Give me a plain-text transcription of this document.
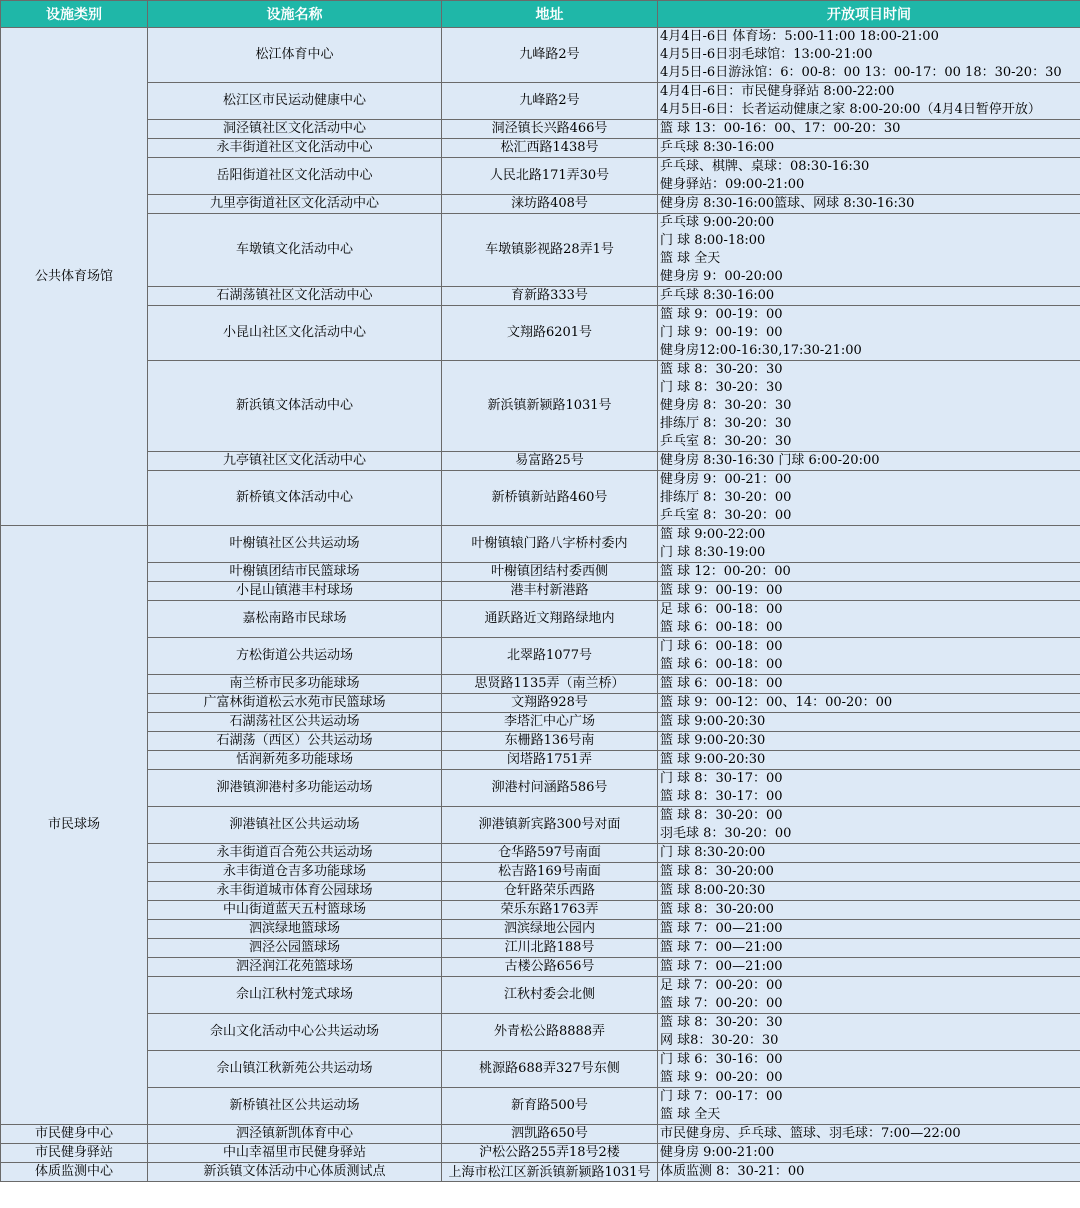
设施类别	设施名称	地址	开放项目时间
公共体育场馆	松江体育中心	九峰路2号	4月4日-6日 体育场：5:00-11:00 18:00-21:00
4月5日-6日羽毛球馆：13:00-21:00
4月5日-6日游泳馆：6：00-8：00 13：00-17：00 18：30-20：30

	松江区市民运动健康中心	九峰路2号	4月4日-6日：市民健身驿站 8:00-22:00
4月5日-6日：长者运动健康之家 8:00-20:00（4月4日暂停开放）

	洞泾镇社区文化活动中心	洞泾镇长兴路466号	篮 球 13：00-16：00、17：00-20：30

	永丰街道社区文化活动中心	松汇西路1438号	乒乓球 8:30-16:00

	岳阳街道社区文化活动中心	人民北路171弄30号	乒乓球、棋牌、桌球：08:30-16:30
健身驿站：09:00-21:00

	九里亭街道社区文化活动中心	涞坊路408号	健身房 8:30-16:00篮球、网球 8:30-16:30

	车墩镇文化活动中心	车墩镇影视路28弄1号	乒乓球 9:00-20:00
门 球 8:00-18:00
篮 球 全天
健身房 9：00-20:00

	石湖荡镇社区文化活动中心	育新路333号	乒乓球 8:30-16:00

	小昆山社区文化活动中心	文翔路6201号	篮 球 9：00-19：00
门 球 9：00-19：00
健身房12:00-16:30,17:30-21:00

	新浜镇文体活动中心	新浜镇新颍路1031号	篮 球 8：30-20：30
门 球 8：30-20：30
健身房 8：30-20：30
排练厅 8：30-20：30
乒乓室 8：30-20：30

	九亭镇社区文化活动中心	易富路25号	健身房 8:30-16:30 门球 6:00-20:00

	新桥镇文体活动中心	新桥镇新站路460号	健身房 9：00-21：00
排练厅 8：30-20：00
乒乓室 8：30-20：00

市民球场	叶榭镇社区公共运动场	叶榭镇辕门路八字桥村委内	篮 球 9:00-22:00
门 球 8:30-19:00

	叶榭镇团结市民篮球场	叶榭镇团结村委西侧	篮 球 12：00-20：00

	小昆山镇港丰村球场	港丰村新港路	篮 球 9：00-19：00

	嘉松南路市民球场	通跃路近文翔路绿地内	足 球 6：00-18：00
篮 球 6：00-18：00

	方松街道公共运动场	北翠路1077号	门 球 6：00-18：00
篮 球 6：00-18：00

	南兰桥市民多功能球场	思贤路1135弄（南兰桥）	篮 球 6：00-18：00

	广富林街道松云水苑市民篮球场	文翔路928号	篮 球 9：00-12：00、14：00-20：00

	石湖荡社区公共运动场	李塔汇中心广场	篮 球 9:00-20:30

	石湖荡（西区）公共运动场	东栅路136号南	篮 球 9:00-20:30

	恬润新苑多功能球场	闵塔路1751弄	篮 球 9:00-20:30

	泖港镇泖港村多功能运动场	泖港村问涵路586号	门 球 8：30-17：00
篮 球 8：30-17：00

	泖港镇社区公共运动场	泖港镇新宾路300号对面	篮 球 8：30-20：00
羽毛球 8：30-20：00

	永丰街道百合苑公共运动场	仓华路597号南面	门 球 8:30-20:00

	永丰街道仓吉多功能球场	松吉路169号南面	篮 球 8：30-20:00

	永丰街道城市体育公园球场	仓轩路荣乐西路	篮 球 8:00-20:30

	中山街道蓝天五村篮球场	荣乐东路1763弄	篮 球 8：30-20:00

	泗滨绿地篮球场	泗滨绿地公园内	篮 球 7：00—21:00

	泗泾公园篮球场	江川北路188号	篮 球 7：00—21:00

	泗泾润江花苑篮球场	古楼公路656号	篮 球 7：00—21:00

	佘山江秋村笼式球场	江秋村委会北侧	足 球 7：00-20：00
篮 球 7：00-20：00

	佘山文化活动中心公共运动场	外青松公路8888弄	篮 球 8：30-20：30
网 球8：30-20：30

	佘山镇江秋新苑公共运动场	桃源路688弄327号东侧	门 球 6：30-16：00
篮 球 9：00-20：00

	新桥镇社区公共运动场	新育路500号	门 球 7：00-17：00
篮 球 全天

市民健身中心	泗泾镇新凯体育中心	泗凯路650号	市民健身房、乒乓球、篮球、羽毛球：7:00—22:00

市民健身驿站	中山幸福里市民健身驿站	沪松公路255弄18号2楼	健身房 9:00-21:00

体质监测中心	新浜镇文体活动中心体质测试点	上海市松江区新浜镇新颍路1031号	体质监测 8：30-21：00
